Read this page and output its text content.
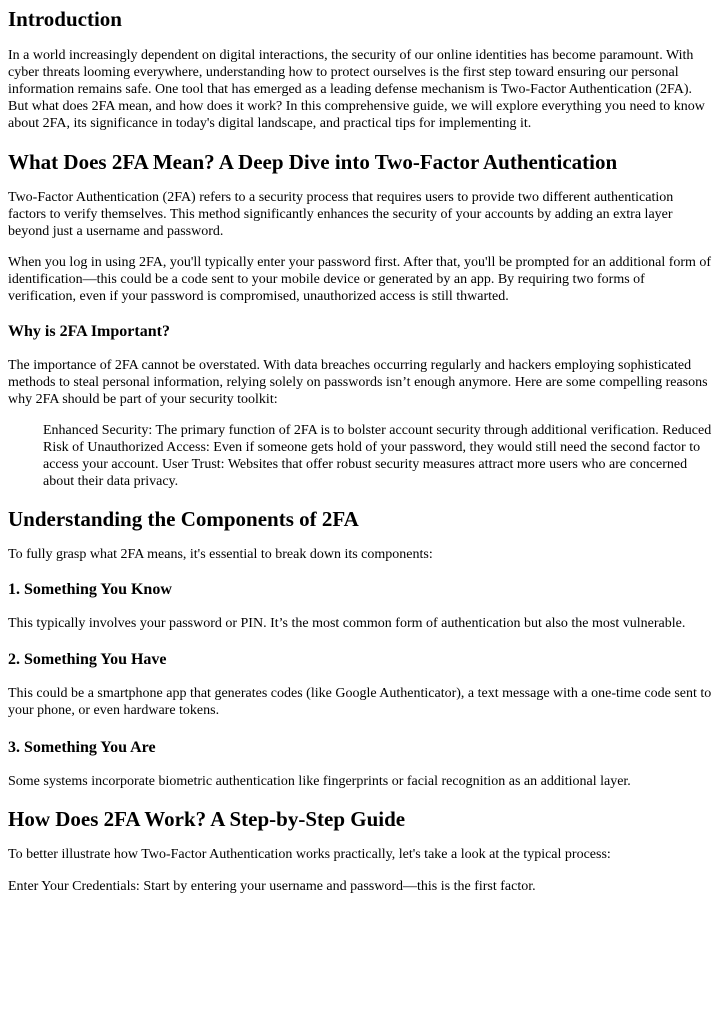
Introduction

In a world increasingly dependent on digital interactions, the security of our online identities has become paramount. With cyber threats looming everywhere, understanding how to protect ourselves is the first step toward ensuring our personal information remains safe. One tool that has emerged as a leading defense mechanism is Two-Factor Authentication (2FA). But what does 2FA mean, and how does it work? In this comprehensive guide, we will explore everything you need to know about 2FA, its significance in today's digital landscape, and practical tips for implementing it.

What Does 2FA Mean? A Deep Dive into Two-Factor Authentication

Two-Factor Authentication (2FA) refers to a security process that requires users to provide two different authentication factors to verify themselves. This method significantly enhances the security of your accounts by adding an extra layer beyond just a username and password.

When you log in using 2FA, you'll typically enter your password first. After that, you'll be prompted for an additional form of identification—this could be a code sent to your mobile device or generated by an app. By requiring two forms of verification, even if your password is compromised, unauthorized access is still thwarted.

Why is 2FA Important?

The importance of 2FA cannot be overstated. With data breaches occurring regularly and hackers employing sophisticated methods to steal personal information, relying solely on passwords isn’t enough anymore. Here are some compelling reasons why 2FA should be part of your security toolkit:

Enhanced Security: The primary function of 2FA is to bolster account security through additional verification. Reduced Risk of Unauthorized Access: Even if someone gets hold of your password, they would still need the second factor to access your account. User Trust: Websites that offer robust security measures attract more users who are concerned about their data privacy.
Understanding the Components of 2FA

To fully grasp what 2FA means, it's essential to break down its components:

1. Something You Know

This typically involves your password or PIN. It’s the most common form of authentication but also the most vulnerable.

2. Something You Have

This could be a smartphone app that generates codes (like Google Authenticator), a text message with a one-time code sent to your phone, or even hardware tokens.

3. Something You Are

Some systems incorporate biometric authentication like fingerprints or facial recognition as an additional layer.

How Does 2FA Work? A Step-by-Step Guide

To better illustrate how Two-Factor Authentication works practically, let's take a look at the typical process:

Enter Your Credentials: Start by entering your username and password—this is the first factor.
